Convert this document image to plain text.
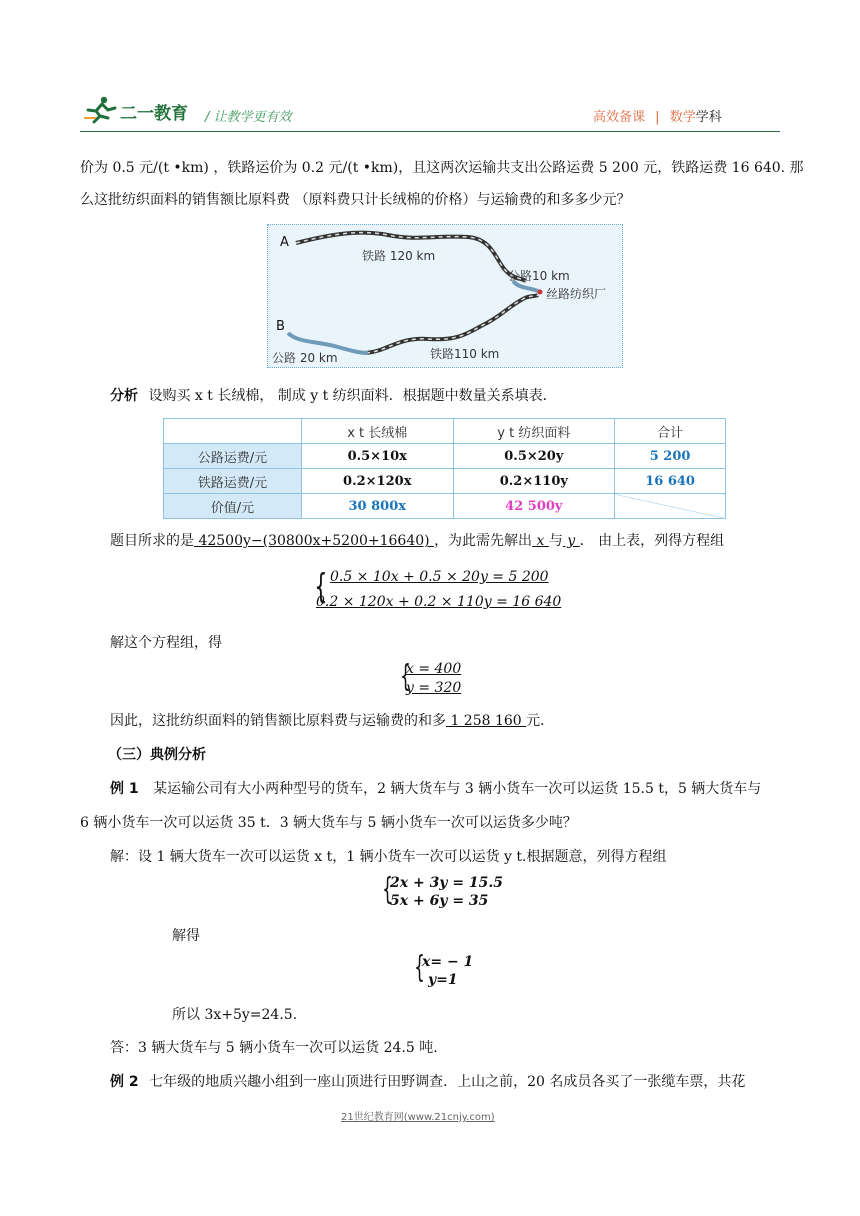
二一教育 / 让教学更有效	高效备课 | 数学学科
价为 0.5 元/(t •km) ，铁路运价为 0.2 元/(t •km)，且这两次运输共支出公路运费 5 200 元，铁路运费 16 640. 那
么这批纺织面料的销售额比原料费 （原料费只计长绒棉的价格）与运输费的和多多少元？
A
铁路 120 km
公路10 km
丝路纺织厂
B
公路 20 km	铁路110 km
分析 设购买 x t 长绒棉， 制成 y t 纺织面料．根据题中数量关系填表．
	x t 长绒棉	y t 纺织面料	合计
公路运费/元	0.5×10x	0.5×20y	5 200
铁路运费/元	0.2×120x	0.2×110y	16 640
价值/元	30 800x	42 500y	
题目所求的是 42500y−(30800x+5200+16640) ，为此需先解出 x 与 y ． 由上表，列得方程组
{ 0.5 × 10x + 0.5 × 20y = 5 200
0.2 × 120x + 0.2 × 110y = 16 640
解这个方程组，得
{
x = 400
y = 320
因此，这批纺织面料的销售额比原料费与运输费的和多 1 258 160 元．
（三）典例分析
例 1 某运输公司有大小两种型号的货车，2 辆大货车与 3 辆小货车一次可以运货 15.5 t，5 辆大货车与
6 辆小货车一次可以运货 35 t．3 辆大货车与 5 辆小货车一次可以运货多少吨？
解：设 1 辆大货车一次可以运货 x t，1 辆小货车一次可以运货 y t.根据题意，列得方程组
{
2x + 3y = 15.5
5x + 6y = 35
解得
{
x= − 1
y=1
所以 3x+5y=24.5.
答：3 辆大货车与 5 辆小货车一次可以运货 24.5 吨.
例 2 七年级的地质兴趣小组到一座山顶进行田野调查．上山之前，20 名成员各买了一张缆车票，共花
21世纪教育网(www.21cnjy.com)
